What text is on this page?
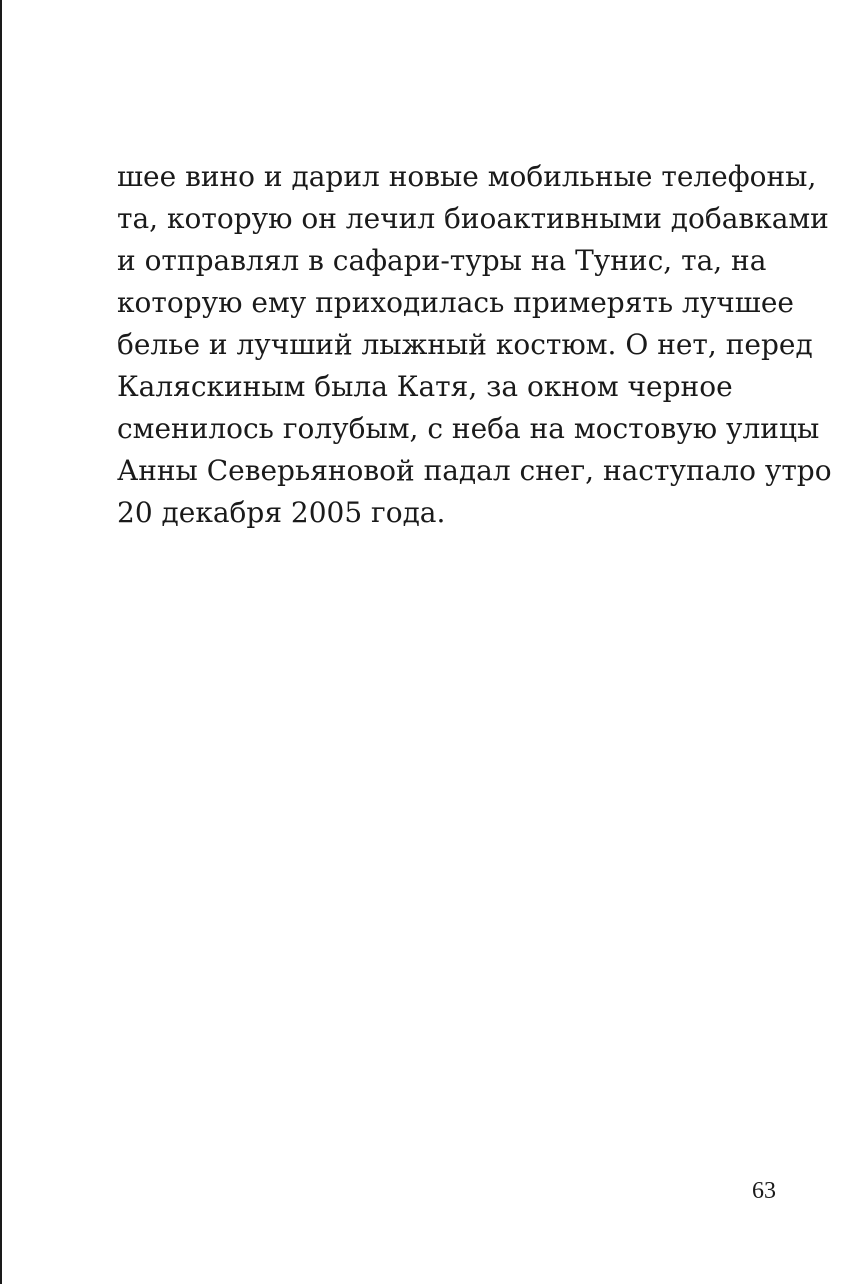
шее вино и дарил новые мобильные телефоны,
та, которую он лечил биоактивными добавками
и отправлял в сафари-туры на Тунис, та, на
которую ему приходилась примерять лучшее
белье и лучший лыжный костюм. О нет, перед
Каляскиным была Катя, за окном черное
сменилось голубым, с неба на мостовую улицы
Анны Северьяновой падал снег, наступало утро
20 декабря 2005 года.
63
